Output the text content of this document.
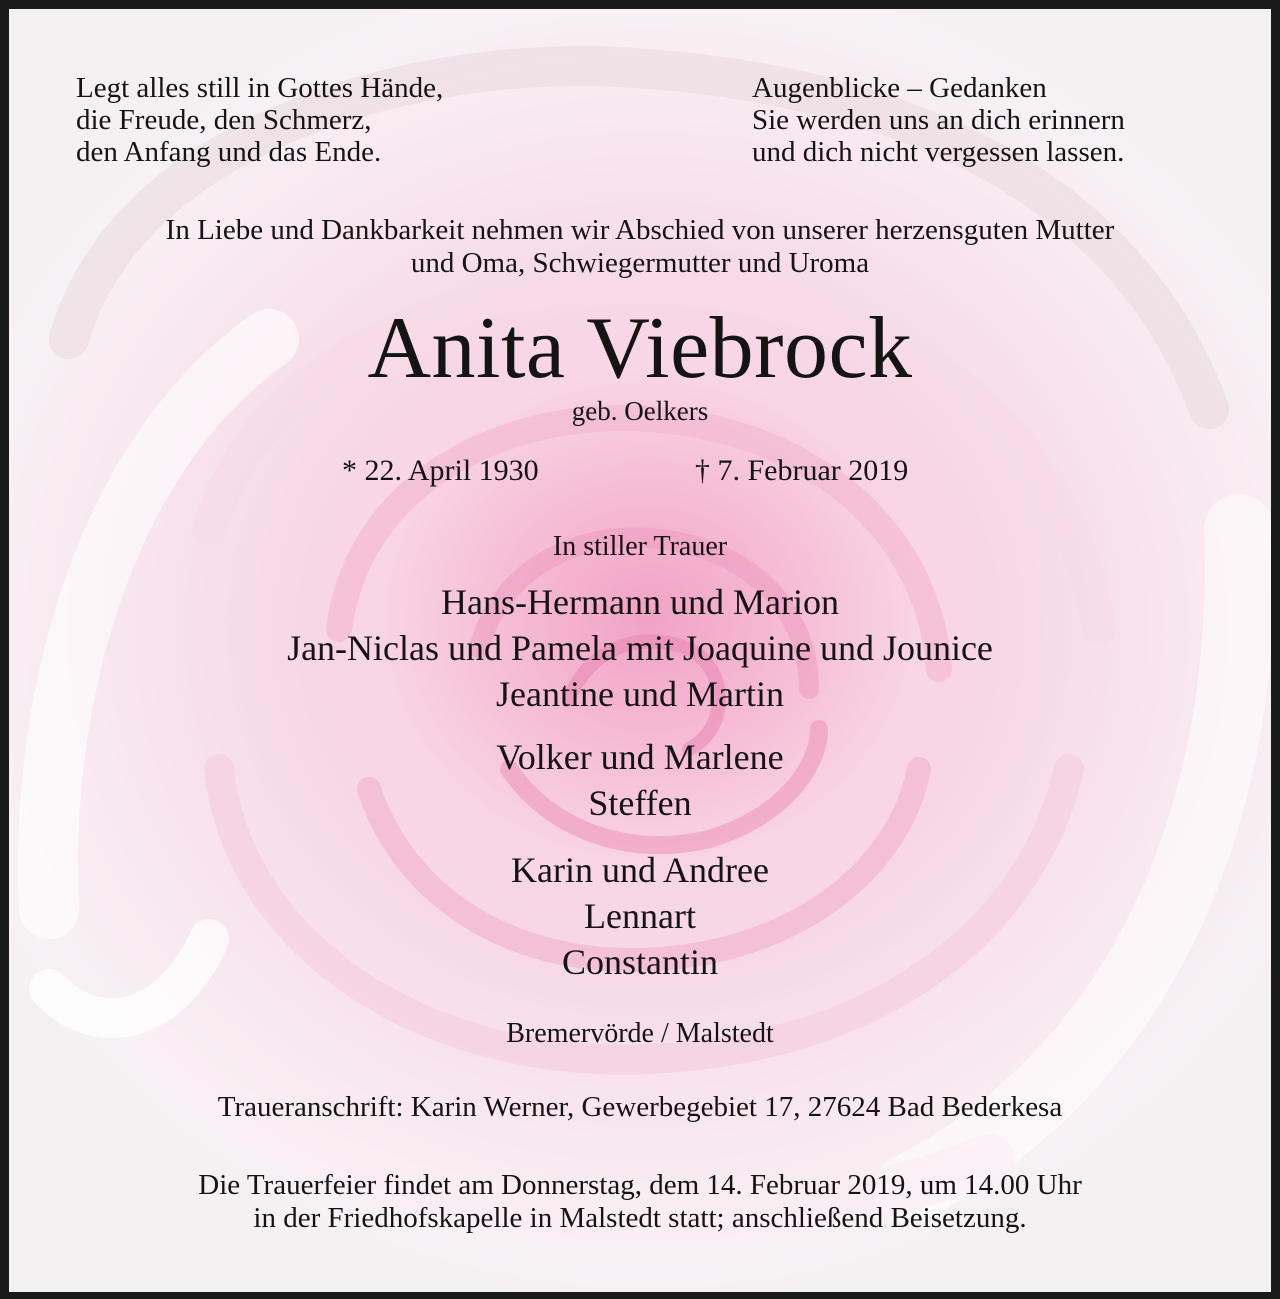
Legt alles still in Gottes Hände,
die Freude, den Schmerz,
den Anfang und das Ende.
Augenblicke – Gedanken
Sie werden uns an dich erinnern
und dich nicht vergessen lassen.
In Liebe und Dankbarkeit nehmen wir Abschied von unserer herzensguten Mutter
und Oma, Schwiegermutter und Uroma
Anita Viebrock
geb. Oelkers
* 22. April 1930	† 7. Februar 2019
In stiller Trauer
Hans-Hermann und Marion
Jan-Niclas und Pamela mit Joaquine und Jounice
Jeantine und Martin
Volker und Marlene
Steffen
Karin und Andree
Lennart
Constantin
Bremervörde / Malstedt
Traueranschrift: Karin Werner, Gewerbegebiet 17, 27624 Bad Bederkesa
Die Trauerfeier findet am Donnerstag, dem 14. Februar 2019, um 14.00 Uhr
in der Friedhofskapelle in Malstedt statt; anschließend Beisetzung.
